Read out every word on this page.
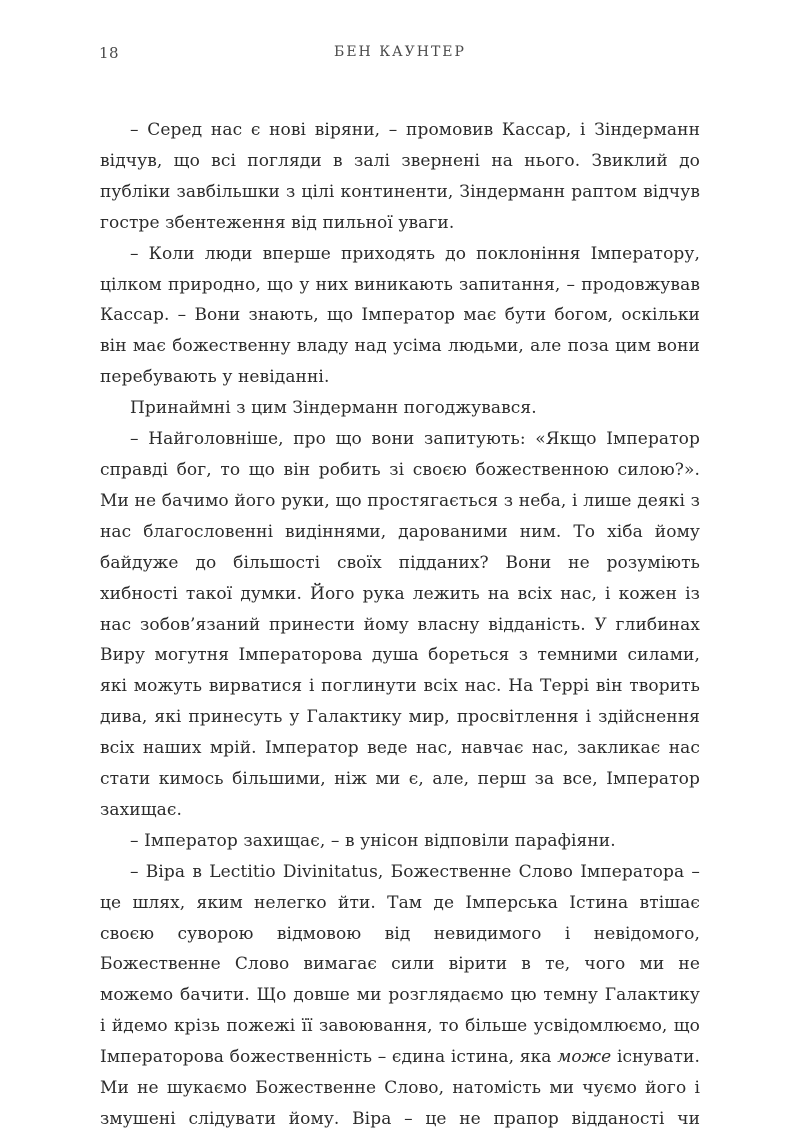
18	БЕН КАУНТЕР

– Серед нас є нові віряни, – промовив Кассар, і Зіндерманн відчув, що всі погляди в залі звернені на нього. Звиклий до публіки завбільшки з цілі континенти, Зіндерманн раптом відчув гостре збентеження від пильної уваги.

– Коли люди вперше приходять до поклоніння Імператору, цілком природно, що у них виникають запитання, – продовжував Кассар. – Вони знають, що Імператор має бути богом, оскільки він має божественну владу над усіма людьми, але поза цим вони перебувають у невіданні.

Принаймні з цим Зіндерманн погоджувався.

– Найголовніше, про що вони запитують: «Якщо Імператор справді бог, то що він робить зі своєю божественною силою?». Ми не бачимо його руки, що простягається з неба, і лише деякі з нас благословенні видіннями, дарованими ним. То хіба йому байдуже до більшості своїх підданих? Вони не розуміють хибності такої думки. Його рука лежить на всіх нас, і кожен із нас зобов’язаний принести йому власну відданість. У глибинах Виру могутня Імператорова душа бореться з темними силами, які можуть вирватися і поглинути всіх нас. На Террі він творить дива, які принесуть у Галактику мир, просвітлення і здійснення всіх наших мрій. Імператор веде нас, навчає нас, закликає нас стати кимось більшими, ніж ми є, але, перш за все, Імператор захищає.

– Імператор захищає, – в унісон відповіли парафіяни.

– Віра в Lectitio Divinitatus, Божественне Слово Імператора – це шлях, яким нелегко йти. Там де Імперська Істина втішає своєю суворою відмовою від невидимого і невідомого, Божественне Слово вимагає сили вірити в те, чого ми не можемо бачити. Що довше ми розглядаємо цю темну Галактику і йдемо крізь пожежі її завоювання, то більше усвідомлюємо, що Імператорова божественність – єдина істина, яка може існувати. Ми не шукаємо Божественне Слово, натомість ми чуємо його і змушені слідувати йому. Віра – це не прапор відданості чи
